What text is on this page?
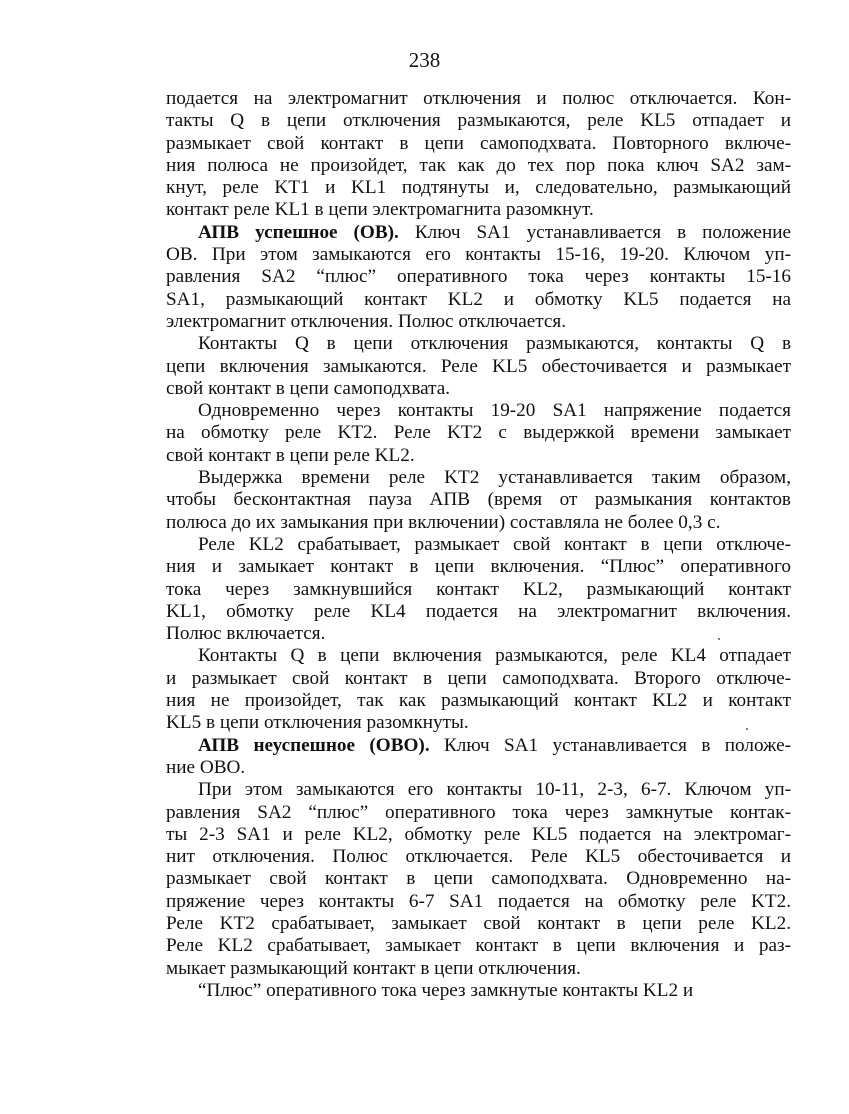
238
подается на электромагнит отключения и полюс отключается. Кон-
такты Q в цепи отключения размыкаются, реле KL5 отпадает и
размыкает свой контакт в цепи самоподхвата. Повторного включе-
ния полюса не произойдет, так как до тех пор пока ключ SA2 зам-
кнут, реле KT1 и KL1 подтянуты и, следовательно, размыкающий
контакт реле KL1 в цепи электромагнита разомкнут.
АПВ успешное (ОВ). Ключ SA1 устанавливается в положение
ОВ. При этом замыкаются его контакты 15-16, 19-20. Ключом уп-
равления SA2 “плюс” оперативного тока через контакты 15-16
SA1, размыкающий контакт KL2 и обмотку KL5 подается на
электромагнит отключения. Полюс отключается.
Контакты Q в цепи отключения размыкаются, контакты Q в
цепи включения замыкаются. Реле KL5 обесточивается и размыкает
свой контакт в цепи самоподхвата.
Одновременно через контакты 19-20 SA1 напряжение подается
на обмотку реле KT2. Реле KT2 с выдержкой времени замыкает
свой контакт в цепи реле KL2.
Выдержка времени реле KT2 устанавливается таким образом,
чтобы бесконтактная пауза АПВ (время от размыкания контактов
полюса до их замыкания при включении) составляла не более 0,3 с.
Реле KL2 срабатывает, размыкает свой контакт в цепи отключе-
ния и замыкает контакт в цепи включения. “Плюс” оперативного
тока через замкнувшийся контакт KL2, размыкающий контакт
KL1, обмотку реле KL4 подается на электромагнит включения.
Полюс включается.
Контакты Q в цепи включения размыкаются, реле KL4 отпадает
и размыкает свой контакт в цепи самоподхвата. Второго отключе-
ния не произойдет, так как размыкающий контакт KL2 и контакт
KL5 в цепи отключения разомкнуты.
АПВ неуспешное (ОВО). Ключ SA1 устанавливается в положе-
ние ОВО.
При этом замыкаются его контакты 10-11, 2-3, 6-7. Ключом уп-
равления SA2 “плюс” оперативного тока через замкнутые контак-
ты 2-3 SA1 и реле KL2, обмотку реле KL5 подается на электромаг-
нит отключения. Полюс отключается. Реле KL5 обесточивается и
размыкает свой контакт в цепи самоподхвата. Одновременно на-
пряжение через контакты 6-7 SA1 подается на обмотку реле KT2.
Реле KT2 срабатывает, замыкает свой контакт в цепи реле KL2.
Реле KL2 срабатывает, замыкает контакт в цепи включения и раз-
мыкает размыкающий контакт в цепи отключения.
“Плюс” оперативного тока через замкнутые контакты KL2 и
